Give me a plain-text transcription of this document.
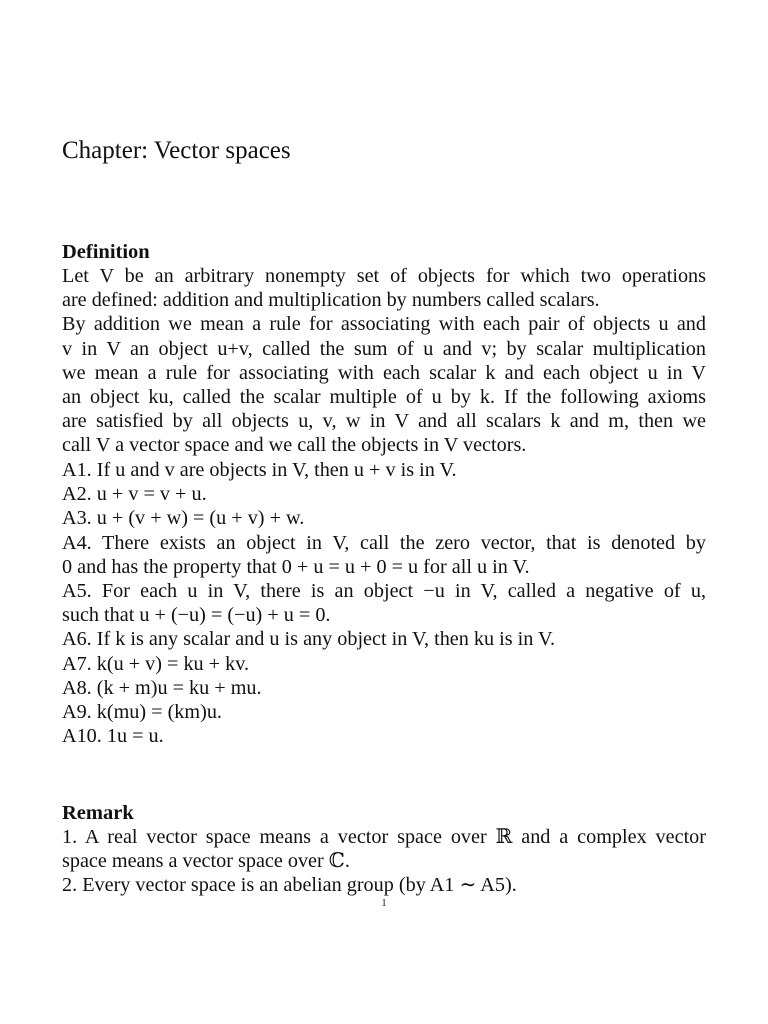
Chapter: Vector spaces
Definition
Let V be an arbitrary nonempty set of objects for which two operations
are defined: addition and multiplication by numbers called scalars.
By addition we mean a rule for associating with each pair of objects u and
v in V an object u+v, called the sum of u and v; by scalar multiplication
we mean a rule for associating with each scalar k and each object u in V
an object ku, called the scalar multiple of u by k. If the following axioms
are satisfied by all objects u, v, w in V and all scalars k and m, then we
call V a vector space and we call the objects in V vectors.
A1. If u and v are objects in V, then u + v is in V.
A2. u + v = v + u.
A3. u + (v + w) = (u + v) + w.
A4. There exists an object in V, call the zero vector, that is denoted by
0 and has the property that 0 + u = u + 0 = u for all u in V.
A5. For each u in V, there is an object −u in V, called a negative of u,
such that u + (−u) = (−u) + u = 0.
A6. If k is any scalar and u is any object in V, then ku is in V.
A7. k(u + v) = ku + kv.
A8. (k + m)u = ku + mu.
A9. k(mu) = (km)u.
A10. 1u = u.
Remark
1. A real vector space means a vector space over ℝ and a complex vector
space means a vector space over ℂ.
2. Every vector space is an abelian group (by A1 ∼ A5).
1
